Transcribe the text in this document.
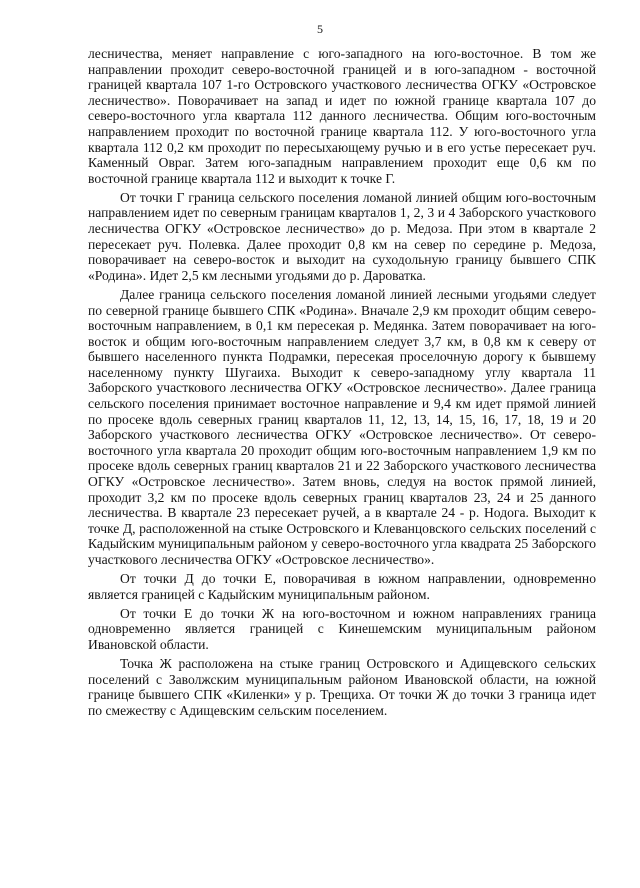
5

лесничества, меняет направление с юго-западного на юго-восточное. В том же направлении проходит северо-восточной границей и в юго-западном - восточной границей квартала 107 1-го Островского участкового лесничества ОГКУ «Островское лесничество». Поворачивает на запад и идет по южной границе квартала 107 до северо-восточного угла квартала 112 данного лесничества. Общим юго-восточным направлением проходит по восточной границе квартала 112. У юго-восточного угла квартала 112 0,2 км проходит по пересыхающему ручью и в его устье пересекает руч. Каменный Овраг. Затем юго-западным направлением проходит еще 0,6 км по восточной границе квартала 112 и выходит к точке Г.

От точки Г граница сельского поселения ломаной линией общим юго-восточным направлением идет по северным границам кварталов 1, 2, 3 и 4 Заборского участкового лесничества ОГКУ «Островское лесничество» до р. Медоза. При этом в квартале 2 пересекает руч. Полевка. Далее проходит 0,8 км на север по середине р. Медоза, поворачивает на северо-восток и выходит на суходольную границу бывшего СПК «Родина». Идет 2,5 км лесными угодьями до р. Дароватка.

Далее граница сельского поселения ломаной линией лесными угодьями следует по северной границе бывшего СПК «Родина». Вначале 2,9 км проходит общим северо-восточным направлением, в 0,1 км пересекая р. Медянка. Затем поворачивает на юго-восток и общим юго-восточным направлением следует 3,7 км, в 0,8 км к северу от бывшего населенного пункта Подрамки, пересекая проселочную дорогу к бывшему населенному пункту Шугаиха. Выходит к северо-западному углу квартала 11 Заборского участкового лесничества ОГКУ «Островское лесничество». Далее граница сельского поселения принимает восточное направление и 9,4 км идет прямой линией по просеке вдоль северных границ кварталов 11, 12, 13, 14, 15, 16, 17, 18, 19 и 20 Заборского участкового лесничества ОГКУ «Островское лесничество». От северо-восточного угла квартала 20 проходит общим юго-восточным направлением 1,9 км по просеке вдоль северных границ кварталов 21 и 22 Заборского участкового лесничества ОГКУ «Островское лесничество». Затем вновь, следуя на восток прямой линией, проходит 3,2 км по просеке вдоль северных границ кварталов 23, 24 и 25 данного лесничества. В квартале 23 пересекает ручей, а в квартале 24 - р. Нодога. Выходит к точке Д, расположенной на стыке Островского и Клеванцовского сельских поселений с Кадыйским муниципальным районом у северо-восточного угла квадрата 25 Заборского участкового лесничества ОГКУ «Островское лесничество».

От точки Д до точки Е, поворачивая в южном направлении, одновременно является границей с Кадыйским муниципальным районом.

От точки Е до точки Ж на юго-восточном и южном направлениях граница одновременно является границей с Кинешемским муниципальным районом Ивановской области.

Точка Ж расположена на стыке границ Островского и Адищевского сельских поселений с Заволжским муниципальным районом Ивановской области, на южной границе бывшего СПК «Киленки» у р. Трещиха. От точки Ж до точки З граница идет по смежеству с Адищевским сельским поселением.
